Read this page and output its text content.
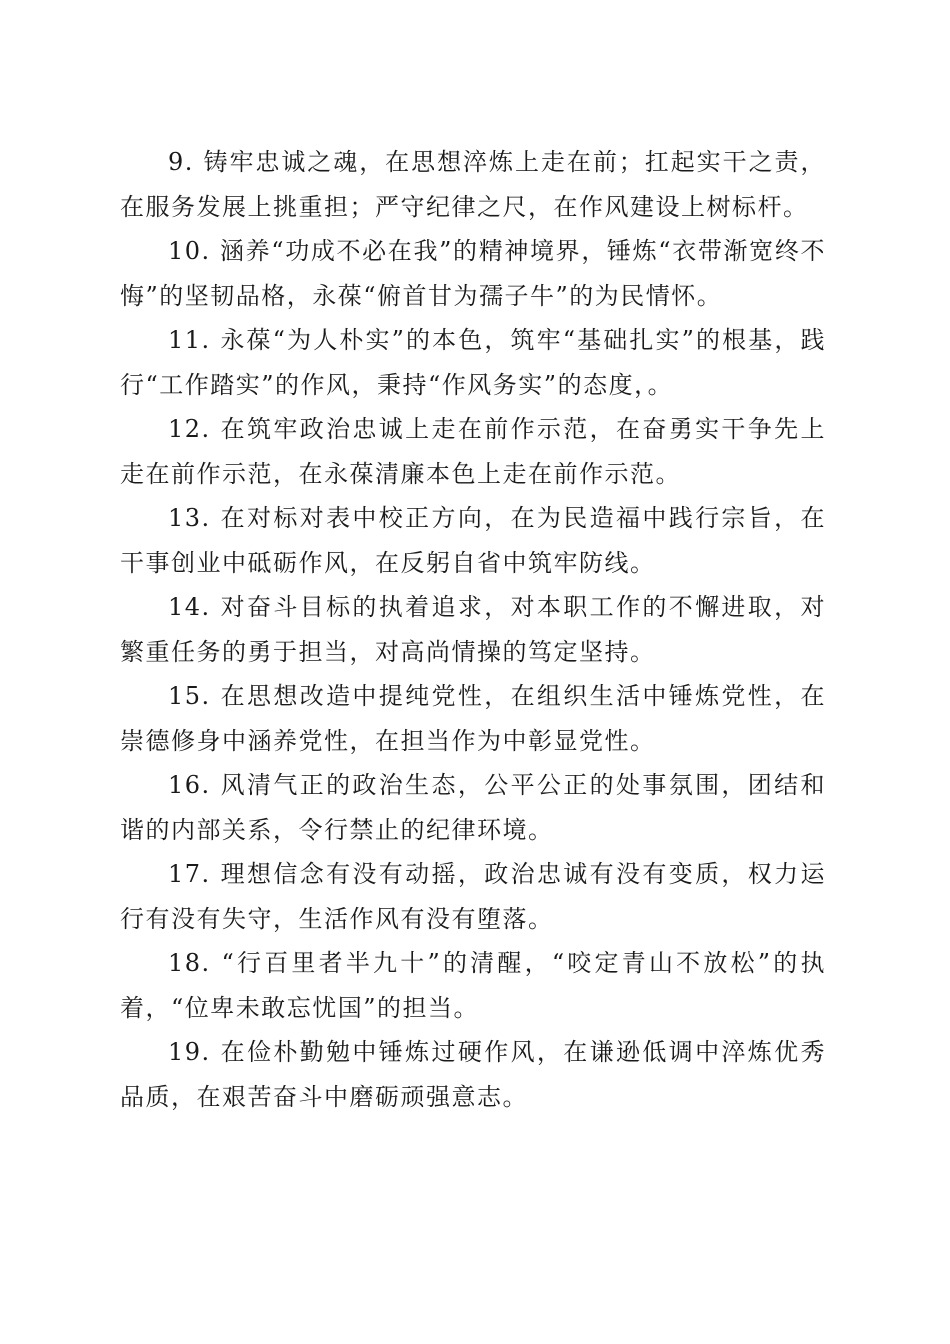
9. 铸牢忠诚之魂，在思想淬炼上走在前；扛起实干之责，在服务发展上挑重担；严守纪律之尺，在作风建设上树标杆。

10. 涵养“功成不必在我”的精神境界，锤炼“衣带渐宽终不悔”的坚韧品格，永葆“俯首甘为孺子牛”的为民情怀。

11. 永葆“为人朴实”的本色，筑牢“基础扎实”的根基，践行“工作踏实”的作风，秉持“作风务实”的态度，。

12. 在筑牢政治忠诚上走在前作示范，在奋勇实干争先上走在前作示范，在永葆清廉本色上走在前作示范。

13. 在对标对表中校正方向，在为民造福中践行宗旨，在干事创业中砥砺作风，在反躬自省中筑牢防线。

14. 对奋斗目标的执着追求，对本职工作的不懈进取，对繁重任务的勇于担当，对高尚情操的笃定坚持。

15. 在思想改造中提纯党性，在组织生活中锤炼党性，在崇德修身中涵养党性，在担当作为中彰显党性。

16. 风清气正的政治生态，公平公正的处事氛围，团结和谐的内部关系，令行禁止的纪律环境。

17. 理想信念有没有动摇，政治忠诚有没有变质，权力运行有没有失守，生活作风有没有堕落。

18. “行百里者半九十”的清醒，“咬定青山不放松”的执着，“位卑未敢忘忧国”的担当。

19. 在俭朴勤勉中锤炼过硬作风，在谦逊低调中淬炼优秀品质，在艰苦奋斗中磨砺顽强意志。
